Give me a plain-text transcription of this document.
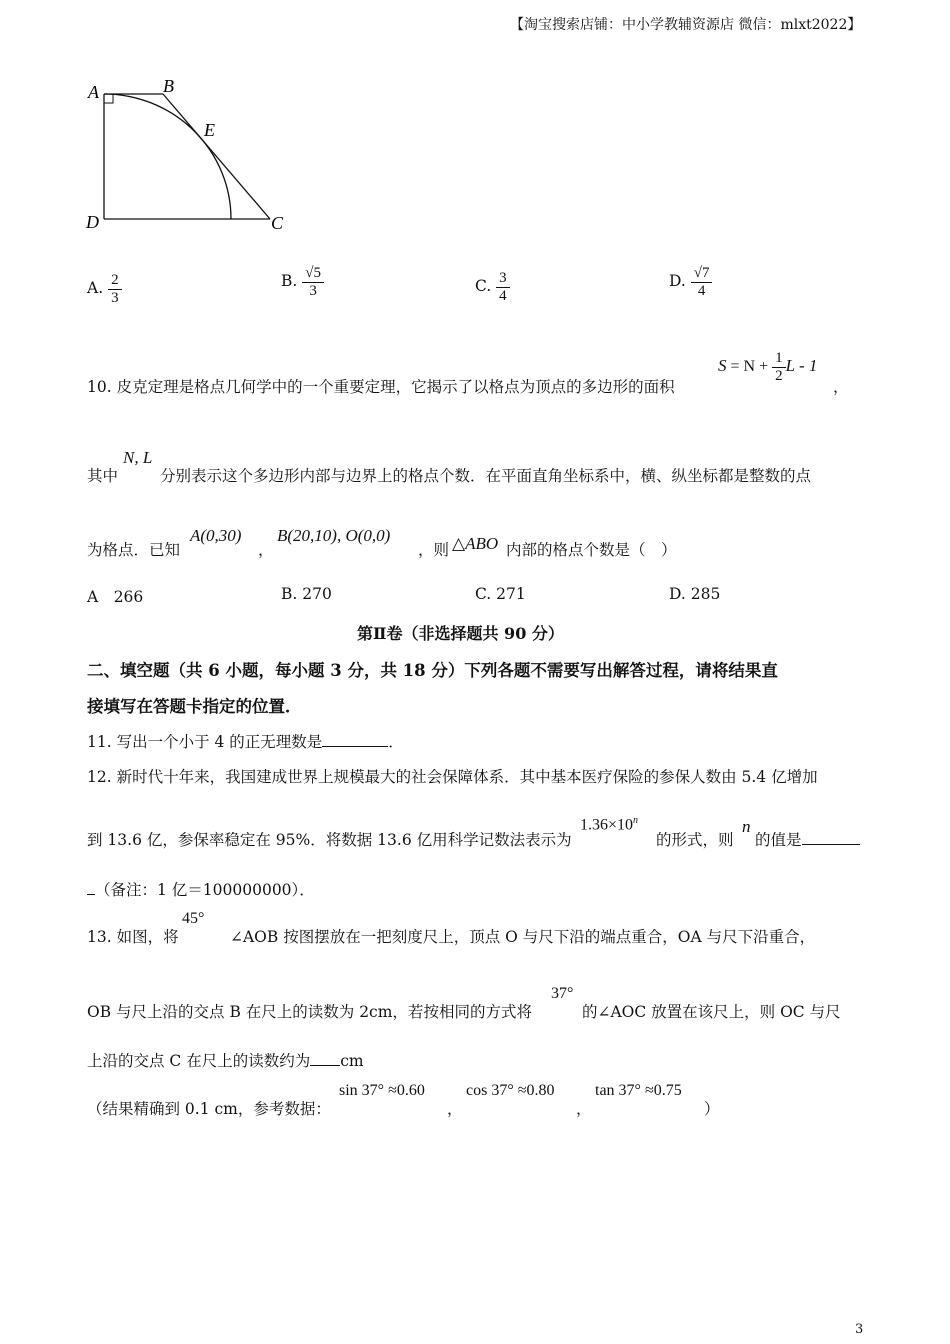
【淘宝搜索店铺：中小学教辅资源店 微信：mlxt2022】
A	B
E
D	C
A. $\frac{2}{3}$	B. $\frac{√5}{3}$	C. $\frac{3}{4}$	D. $\frac{√7}{4}$
10. 皮克定理是格点几何学中的一个重要定理，它揭示了以格点为顶点的多边形的面积
$S = N + \frac{1}{2}$ L - 1
，
其中
N, L
分别表示这个多边形内部与边界上的格点个数．在平面直角坐标系中，横、纵坐标都是整数的点
为格点．已知
A(0,30)
，
B(20,10), O(0,0)
，则 △ABO 内部的格点个数是（　）
A　266	B. 270	C. 271	D. 285
第Ⅱ卷（非选择题共 90 分）
二、填空题（共 6 小题，每小题 3 分，共 18 分）下列各题不需要写出解答过程，请将结果直
接填写在答题卡指定的位置．
11. 写出一个小于 4 的正无理数是	．
12. 新时代十年来，我国建成世界上规模最大的社会保障体系．其中基本医疗保险的参保人数由 5.4 亿增加
到 13.6 亿，参保率稳定在 95%．将数据 13.6 亿用科学记数法表示为
$1.36\times 10^n$
的形式，则
n
的值是
（备注：1 亿＝100000000）．
13. 如图，将
45°
∠AOB 按图摆放在一把刻度尺上，顶点 O 与尺下沿的端点重合，OA 与尺下沿重合，
OB 与尺上沿的交点 B 在尺上的读数为 2cm，若按相同的方式将
37°
的∠AOC 放置在该尺上，则 OC 与尺
上沿的交点 C 在尺上的读数约为 cm
（结果精确到 0.1 cm，参考数据：
sin 37° ≈0.60
，
cos 37° ≈0.80
，
tan 37° ≈0.75
）
3
